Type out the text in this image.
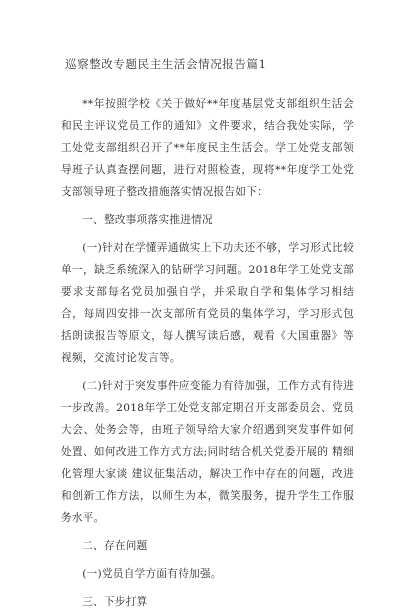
巡察整改专题民主生活会情况报告篇1

**年按照学校《关于做好**年度基层党支部组织生活会和民主评议党员工作的通知》文件要求，结合我处实际，学工处党支部组织召开了**年度民主生活会。学工处党支部领导班子认真查摆问题，进行对照检查，现将**年度学工处党支部领导班子整改措施落实情况报告如下：

一、整改事项落实推进情况

(一)针对在学懂弄通做实上下功夫还不够，学习形式比较单一，缺乏系统深入的钻研学习问题。2018年学工处党支部要求支部每名党员加强自学，并采取自学和集体学习相结合，每周四安排一次支部所有党员的集体学习，学习形式包括朗读报告等原文，每人撰写读后感，观看《大国重器》等视频，交流讨论发言等。

(二)针对于突发事件应变能力有待加强，工作方式有待进一步改善。2018年学工处党支部定期召开支部委员会、党员大会、处务会等，由班子领导给大家介绍遇到突发事件如何处置、如何改进工作方式方法;同时结合机关党委开展的 精细化管理大家谈 建议征集活动，解决工作中存在的问题，改进和创新工作方法，以师生为本，微笑服务，提升学生工作服务水平。

二、存在问题

(一)党员自学方面有待加强。

三、下步打算
